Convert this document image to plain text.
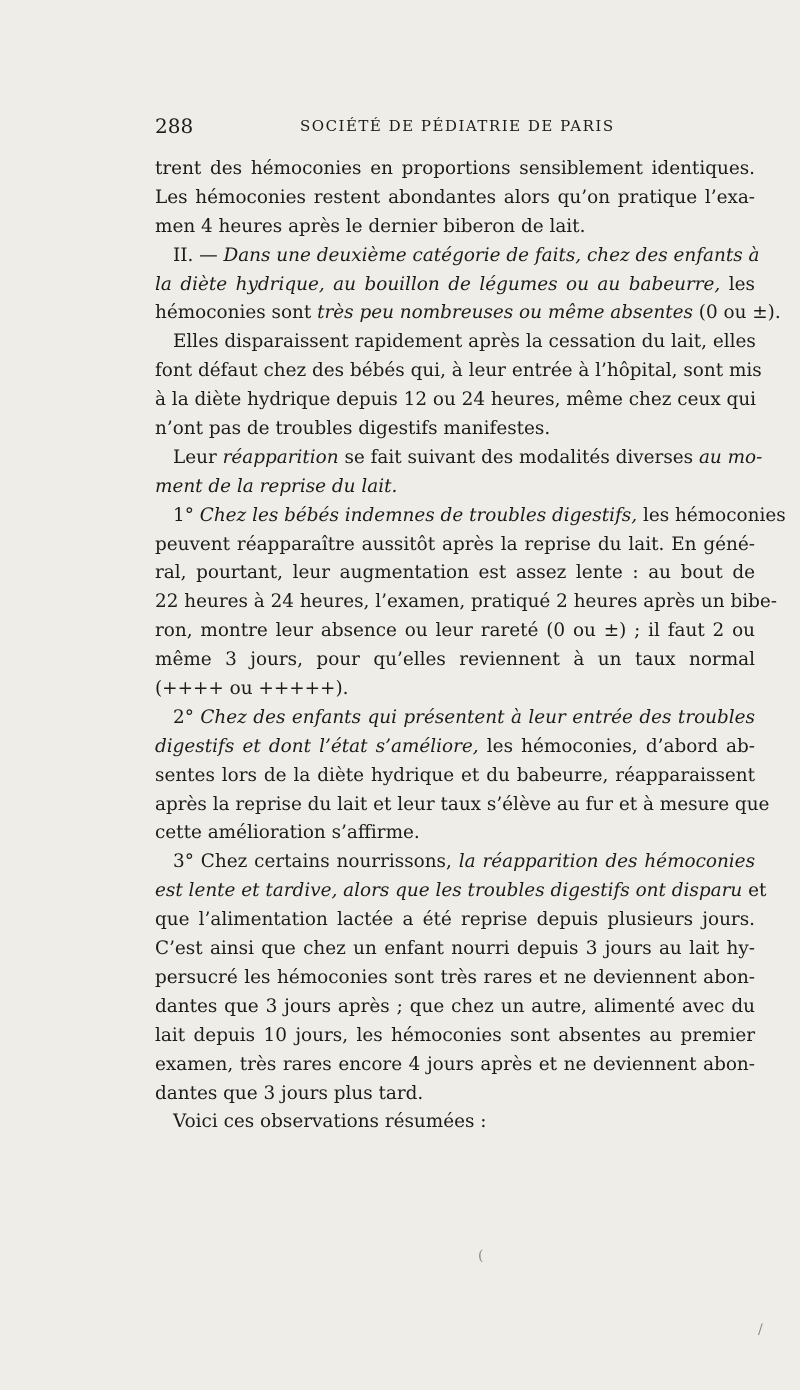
288	SOCIÉTÉ DE PÉDIATRIE DE PARIS
trent des hémoconies en proportions sensiblement identiques.
Les hémoconies restent abondantes alors qu’on pratique l’exa-
men 4 heures après le dernier biberon de lait.
II. — Dans une deuxième catégorie de faits, chez des enfants à
la diète hydrique, au bouillon de légumes ou au babeurre, les
hémoconies sont très peu nombreuses ou même absentes (0 ou ±).
Elles disparaissent rapidement après la cessation du lait, elles
font défaut chez des bébés qui, à leur entrée à l’hôpital, sont mis
à la diète hydrique depuis 12 ou 24 heures, même chez ceux qui
n’ont pas de troubles digestifs manifestes.
Leur réapparition se fait suivant des modalités diverses au mo-
ment de la reprise du lait.
1° Chez les bébés indemnes de troubles digestifs, les hémoconies
peuvent réapparaître aussitôt après la reprise du lait. En géné-
ral, pourtant, leur augmentation est assez lente : au bout de
22 heures à 24 heures, l’examen, pratiqué 2 heures après un bibe-
ron, montre leur absence ou leur rareté (0 ou ±) ; il faut 2 ou
même 3 jours, pour qu’elles reviennent à un taux normal
(++++ ou +++++).
2° Chez des enfants qui présentent à leur entrée des troubles
digestifs et dont l’état s’améliore, les hémoconies, d’abord ab-
sentes lors de la diète hydrique et du babeurre, réapparaissent
après la reprise du lait et leur taux s’élève au fur et à mesure que
cette amélioration s’affirme.
3° Chez certains nourrissons, la réapparition des hémoconies
est lente et tardive, alors que les troubles digestifs ont disparu et
que l’alimentation lactée a été reprise depuis plusieurs jours.
C’est ainsi que chez un enfant nourri depuis 3 jours au lait hy-
persucré les hémoconies sont très rares et ne deviennent abon-
dantes que 3 jours après ; que chez un autre, alimenté avec du
lait depuis 10 jours, les hémoconies sont absentes au premier
examen, très rares encore 4 jours après et ne deviennent abon-
dantes que 3 jours plus tard.
Voici ces observations résumées :
(
/
